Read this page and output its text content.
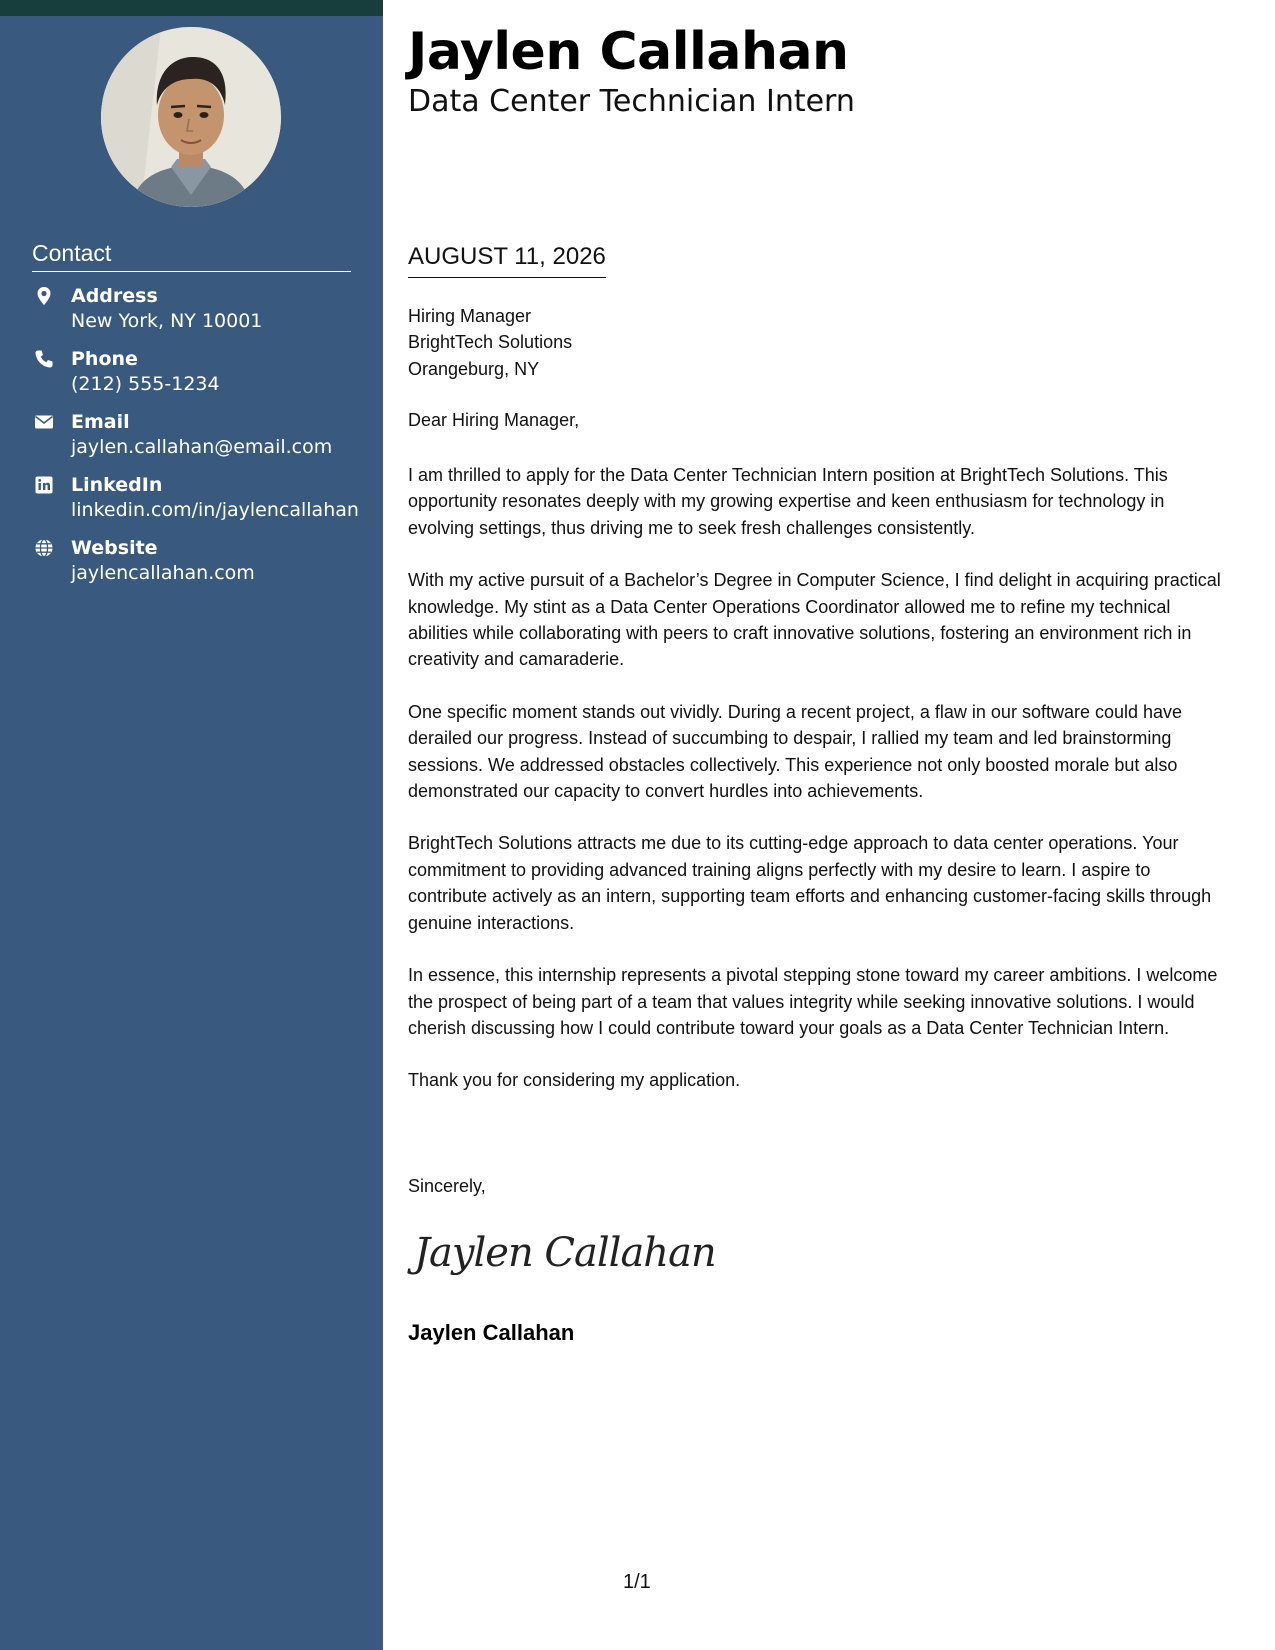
Contact
Address
New York, NY 10001
Phone
(212) 555-1234
Email
jaylen.callahan@email.com
LinkedIn
linkedin.com/in/jaylencallahan
Website
jaylencallahan.com
Jaylen Callahan
Data Center Technician Intern
AUGUST 11, 2026
Hiring Manager
BrightTech Solutions
Orangeburg, NY
Dear Hiring Manager,

I am thrilled to apply for the Data Center Technician Intern position at BrightTech Solutions. This opportunity resonates deeply with my growing expertise and keen enthusiasm for technology in evolving settings, thus driving me to seek fresh challenges consistently.

With my active pursuit of a Bachelor’s Degree in Computer Science, I find delight in acquiring practical knowledge. My stint as a Data Center Operations Coordinator allowed me to refine my technical abilities while collaborating with peers to craft innovative solutions, fostering an environment rich in creativity and camaraderie.

One specific moment stands out vividly. During a recent project, a flaw in our software could have derailed our progress. Instead of succumbing to despair, I rallied my team and led brainstorming sessions. We addressed obstacles collectively. This experience not only boosted morale but also demonstrated our capacity to convert hurdles into achievements.

BrightTech Solutions attracts me due to its cutting-edge approach to data center operations. Your commitment to providing advanced training aligns perfectly with my desire to learn. I aspire to contribute actively as an intern, supporting team efforts and enhancing customer-facing skills through genuine interactions.

In essence, this internship represents a pivotal stepping stone toward my career ambitions. I welcome the prospect of being part of a team that values integrity while seeking innovative solutions. I would cherish discussing how I could contribute toward your goals as a Data Center Technician Intern.

Thank you for considering my application.

Sincerely,
Jaylen Callahan
Jaylen Callahan
1/1
